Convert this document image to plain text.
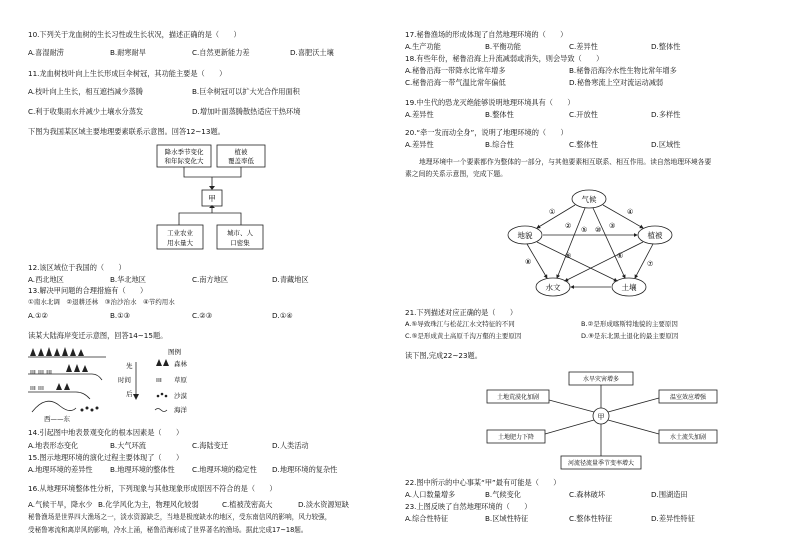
10.下列关于龙血树的生长习性或生长状况，描述正确的是（　　）
A.喜湿耐涝	B.耐寒耐旱	C.自然更新能力差	D.喜肥沃土壤
11.龙血树枝叶向上生长形成巨伞树冠，其功能主要是（　　）
A.枝叶向上生长，相互遮挡减少蒸腾	B.巨伞树冠可以扩大光合作用面积
C.利于收集雨水并减少土壤水分蒸发	D.增加叶面蒸腾散热适应干热环境
下图为我国某区域主要地理要素联系示意图。回答12~13题。
降水季节变化
和年际变化大
植被
覆盖率低
甲
工业农业
用水量大
城市、人
口密集
12.该区域位于我国的（　　）
A.西北地区	B.华北地区	C.南方地区	D.青藏地区
13.解决甲问题的合理措施有（　　）
①南水北调　②退耕还林　③治沙治水　④节约用水
A.①②	B.①③	C.②③	D.①④
读某大陆海岸变迁示意图，回答14~15题。
ııı ııı ııı
ııı ııı
先
时间
后
西——东
图例
森林
ııı 草原
沙漠
海洋
14.引起图中地表景观变化的根本因素是（　　）
A.地表形态变化	B.大气环流	C.海陆变迁	D.人类活动
15.图示地理环境的演化过程主要体现了（　　）
A.地理环境的差异性 B.地理环境的整体性 C.地理环境的稳定性 D.地理环境的复杂性
16.从地理环境整体性分析，下列现象与其他现象形成原因不符合的是（　　）
A.气候干旱，降水少 B.化学风化为主，物理风化较弱	C.植被茂密高大	D.淡水资源短缺
秘鲁渔场是世界四大渔场之一，淡水资源缺乏，当地是极度缺水的地区，受东南信风的影响，风力较强，
受秘鲁寒流和离岸风的影响，冷水上涌，秘鲁沿海形成了世界著名的渔场。据此完成17~18题。
17.秘鲁渔场的形成体现了自然地理环境的（　　）
A.生产功能	B.平衡功能	C.差异性	D.整体性
18.有些年份，秘鲁沿海上升流减弱或消失，则会导致（　　）
A.秘鲁沿海一带降水比常年增多	B.秘鲁沿海冷水性生物比常年增多
C.秘鲁沿海一带气温比常年偏低	D.秘鲁寒流上空对流运动减弱
19.中生代的恐龙灭绝能够说明地理环境具有（　　）
A.差异性	B.整体性	C.开放性	D.多样性
20.“牵一发而动全身”，说明了地理环境的（　　）
A.差异性	B.综合性	C.整体性	D.区域性
地理环境中一个要素都作为整体的一部分，与其他要素相互联系、相互作用。读自然地理环境各要
素之间的关系示意图，完成下题。
气候
地貌	植被
水文	土壤
①
②	③
④
⑩
⑤
⑧
⑨	⑥
⑦
21.下列描述对应正确的是（　　）
A.⑤导致珠江与松花江水文特征的不同	B.②是形成喀斯特地貌的主要原因
C.⑤是形成黄土高原千沟万壑的主要原因	D.⑨是东北黑土退化的最主要原因
读下图,完成22~23题。
水旱灾害增多
土地荒漠化加剧	温室效应增强
甲
土地肥力下降	水土流失加剧
河流径流量季节变率增大
22.图中所示的中心事某“甲”最有可能是（　　）
A.人口数量增多	B.气候变化	C.森林破坏	D.围湖造田
23.上图反映了自然地理环境的（　　）
A.综合性特征	B.区域性特征	C.整体性特征	D.差异性特征
